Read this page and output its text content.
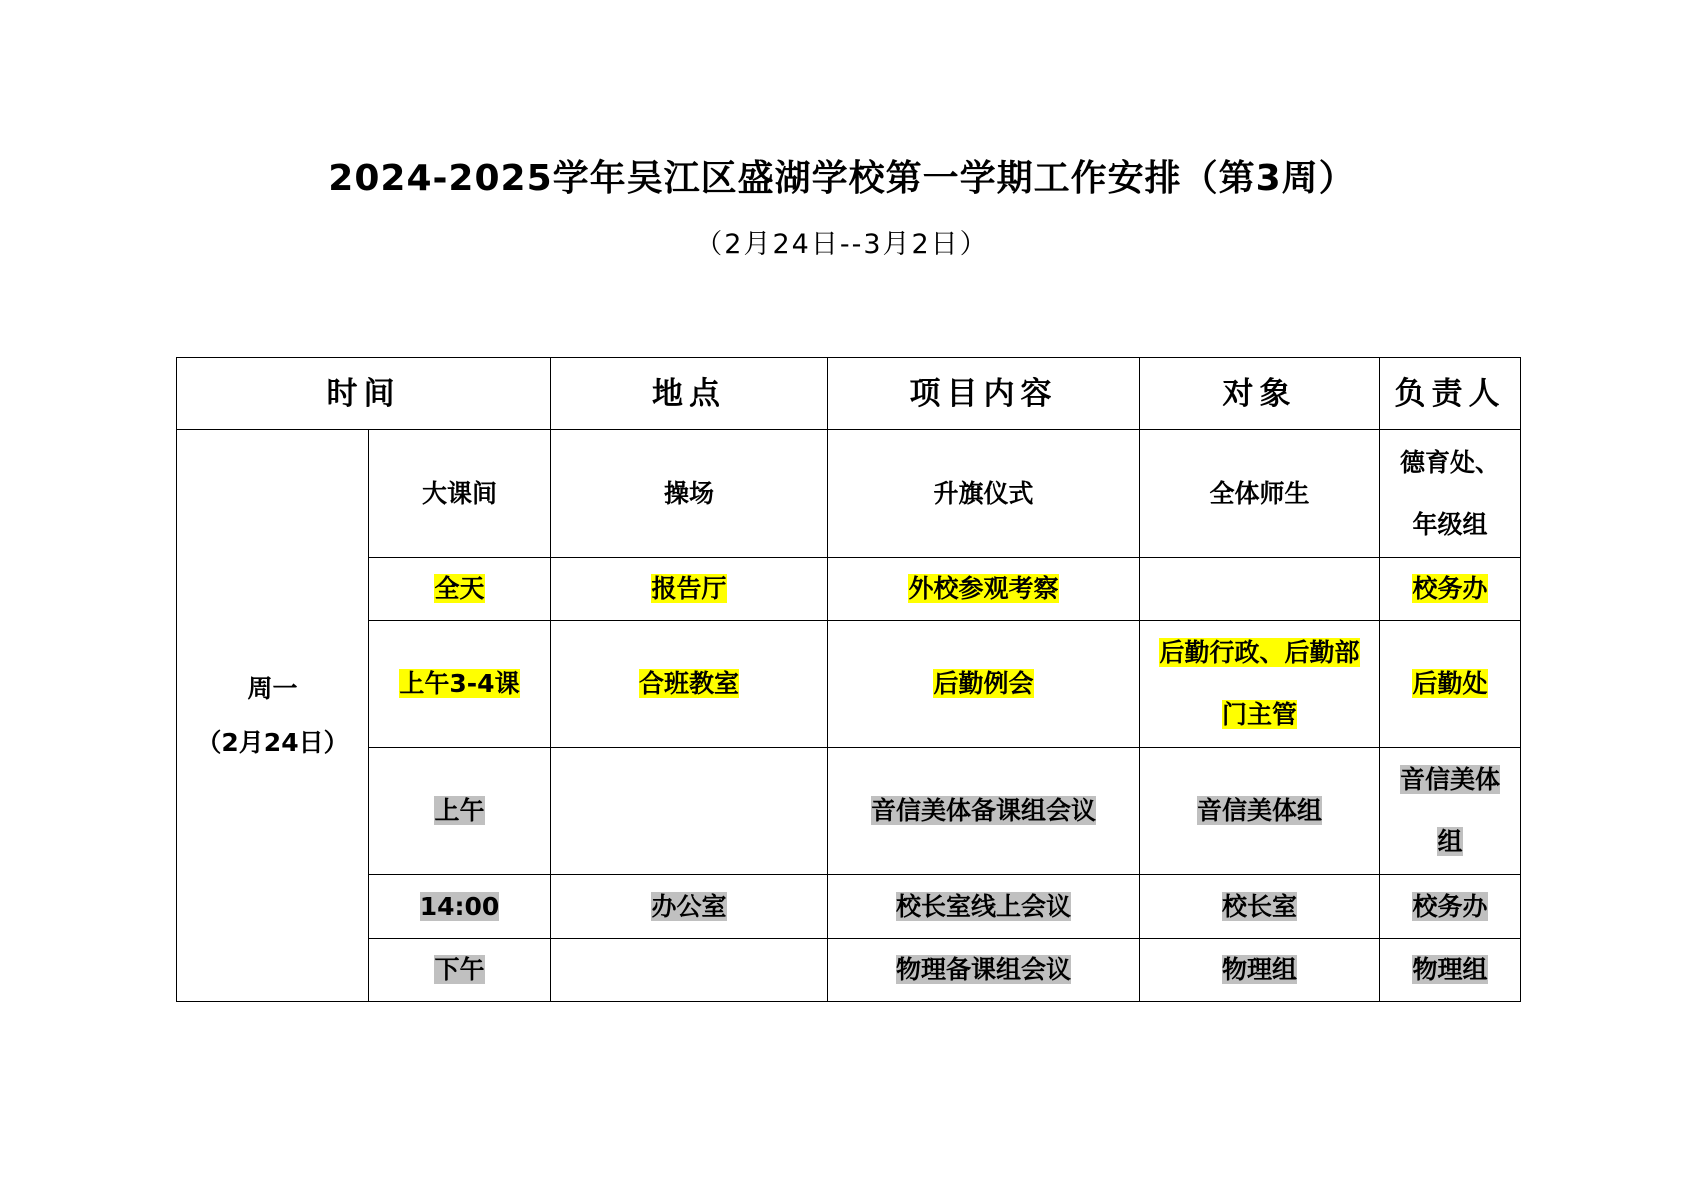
2024-2025学年吴江区盛湖学校第一学期工作安排（第3周）
（2月24日--3月2日）
时间		地点	项目内容	对象	负责人

周一
（2月24日）	大课间	操场	升旗仪式	全体师生	德育处、年级组
	全天	报告厅	外校参观考察		校务办
	上午3-4课	合班教室	后勤例会	后勤行政、后勤部门主管	后勤处
	上午		音信美体备课组会议	音信美体组	音信美体组
	14:00	办公室	校长室线上会议	校长室	校务办
	下午		物理备课组会议	物理组	物理组
